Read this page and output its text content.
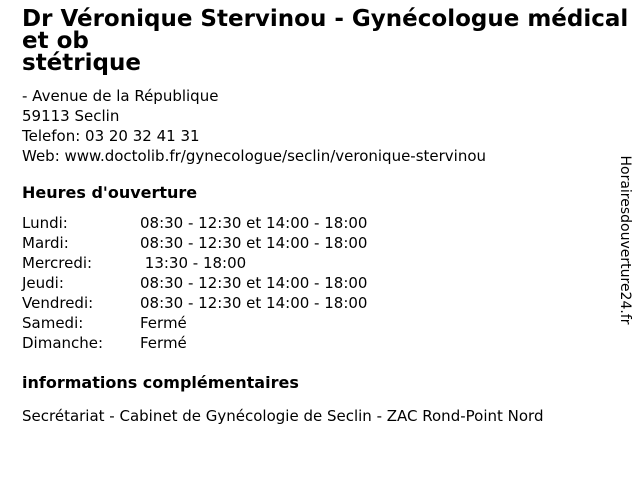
Dr Véronique Stervinou - Gynécologue médical et ob
stétrique
- Avenue de la République
59113 Seclin
Telefon: 03 20 32 41 31
Web: www.doctolib.fr/gynecologue/seclin/veronique-stervinou
Heures d'ouverture
Lundi:	08:30 - 12:30 et 14:00 - 18:00
Mardi:	08:30 - 12:30 et 14:00 - 18:00
Mercredi:	13:30 - 18:00
Jeudi:	08:30 - 12:30 et 14:00 - 18:00
Vendredi:	08:30 - 12:30 et 14:00 - 18:00
Samedi:	Fermé
Dimanche:	Fermé
informations complémentaires
Secrétariat - Cabinet de Gynécologie de Seclin - ZAC Rond-Point Nord
Horairesdouverture24.fr
